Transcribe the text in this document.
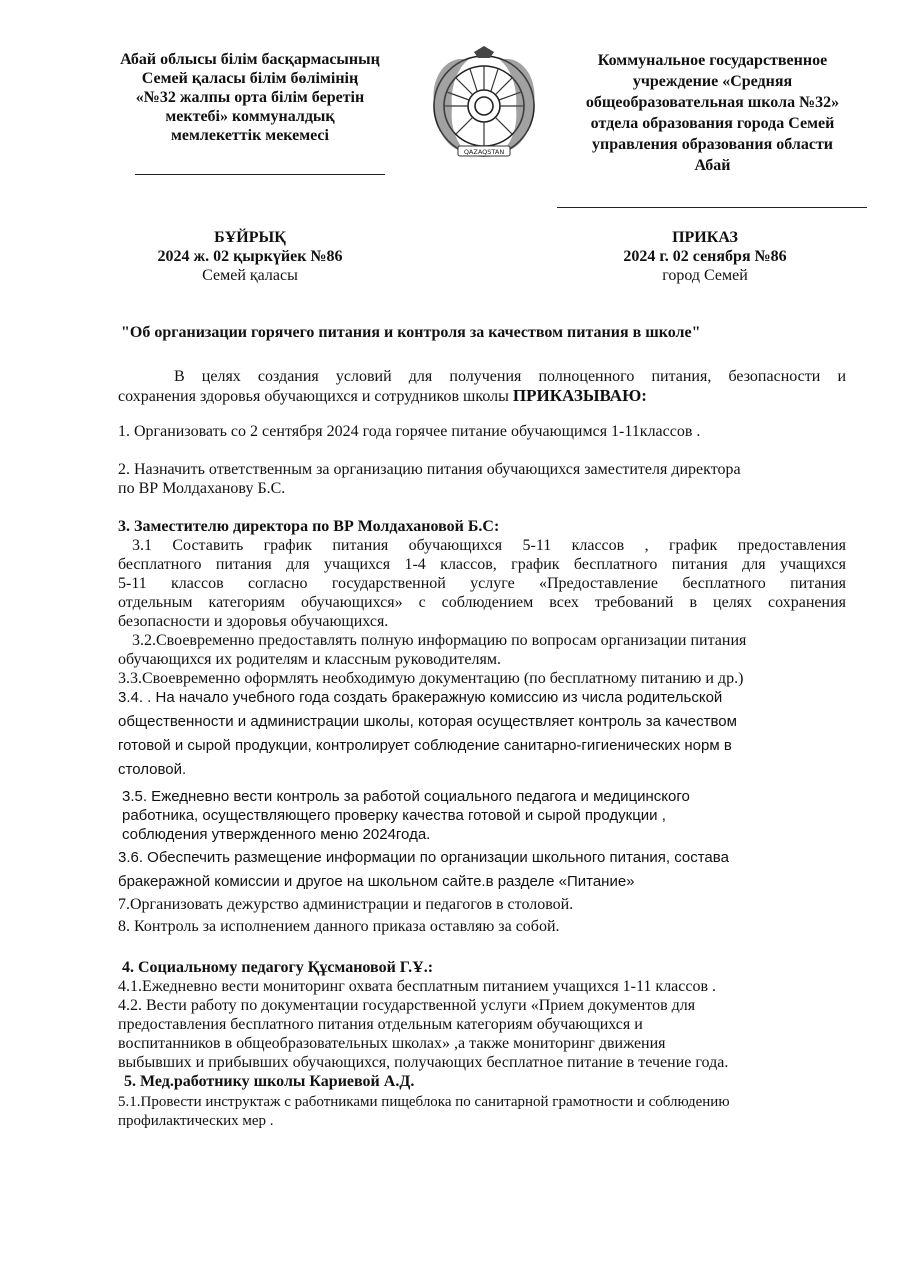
Абай облысы білім басқармасының
Семей қаласы білім бөлімінің
«№32 жалпы орта білім беретін
мектебі» коммуналдық
мемлекеттік мекемесі
QAZAQSTAN
Коммунальное государственное
учреждение «Средняя
общеобразовательная школа №32»
отдела образования города Семей
управления образования области
Абай
БҰЙРЫҚ
2024 ж. 02 қыркүйек №86
Семей қаласы
ПРИКАЗ
2024 г. 02 сенября №86
город Семей
"Об организации горячего питания и контроля за качеством питания в школе"
В целях создания условий для получения полноценного питания, безопасности и
сохранения здоровья обучающихся и сотрудников школы ПРИКАЗЫВАЮ:
1. Организовать со 2 сентября 2024 года горячее питание обучающимся 1-11классов .
2. Назначить ответственным за организацию питания обучающихся заместителя директора
по ВР Молдаханову Б.С.
3. Заместителю директора по ВР Молдахановой Б.С:
3.1 Составить график питания обучающихся 5-11 классов , график предоставления
бесплатного питания для учащихся 1-4 классов, график бесплатного питания для учащихся
5-11 классов согласно государственной услуге «Предоставление бесплатного питания
отдельным категориям обучающихся» с соблюдением всех требований в целях сохранения
безопасности и здоровья обучающихся.
3.2.Своевременно предоставлять полную информацию по вопросам организации питания
обучающихся их родителям и классным руководителям.
3.3.Своевременно оформлять необходимую документацию (по бесплатному питанию и др.)
3.4. . На начало учебного года создать бракеражную комиссию из числа родительской
общественности и администрации школы, которая осуществляет контроль за качеством
готовой и сырой продукции, контролирует соблюдение санитарно-гигиенических норм в
столовой.
3.5. Ежедневно вести контроль за работой социального педагога и медицинского
работника, осуществляющего проверку качества готовой и сырой продукции ,
соблюдения утвержденного меню 2024года.
3.6. Обеспечить размещение информации по организации школьного питания, состава
бракеражной комиссии и другое на школьном сайте.в разделе «Питание»
7.Организовать дежурство администрации и педагогов в столовой.
8. Контроль за исполнением данного приказа оставляю за собой.
4. Социальному педагогу Құсмановой Г.Ұ.:
4.1.Ежедневно вести мониторинг охвата бесплатным питанием учащихся 1-11 классов .
4.2. Вести работу по документации государственной услуги «Прием документов для
предоставления бесплатного питания отдельным категориям обучающихся и
воспитанников в общеобразовательных школах» ,а также мониторинг движения
выбывших и прибывших обучающихся, получающих бесплатное питание в течение года.
5. Мед.работнику школы Кариевой А.Д.
5.1.Провести инструктаж с работниками пищеблока по санитарной грамотности и соблюдению
профилактических мер .
